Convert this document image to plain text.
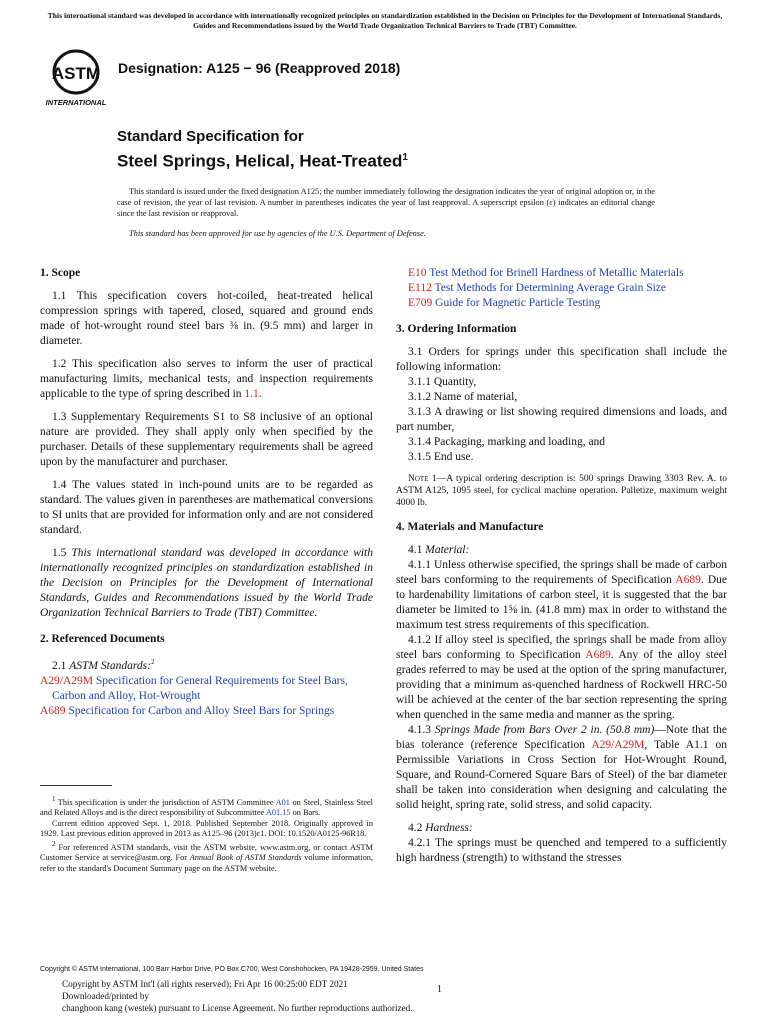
This international standard was developed in accordance with internationally recognized principles on standardization established in the Decision on Principles for the Development of International Standards, Guides and Recommendations issued by the World Trade Organization Technical Barriers to Trade (TBT) Committee.
ASTM
INTERNATIONAL
Designation: A125 − 96 (Reapproved 2018)
Standard Specification for
Steel Springs, Helical, Heat-Treated$^1$

This standard is issued under the fixed designation A125; the number immediately following the designation indicates the year of original adoption or, in the case of revision, the year of last revision. A number in parentheses indicates the year of last reapproval. A superscript epsilon (ε) indicates an editorial change since the last revision or reapproval.

This standard has been approved for use by agencies of the U.S. Department of Defense.

1. Scope

1.1 This specification covers hot-coiled, heat-treated helical compression springs with tapered, closed, squared and ground ends made of hot-wrought round steel bars ⅜ in. (9.5 mm) and larger in diameter.

1.2 This specification also serves to inform the user of practical manufacturing limits, mechanical tests, and inspection requirements applicable to the type of spring described in 1.1.

1.3 Supplementary Requirements S1 to S8 inclusive of an optional nature are provided. They shall apply only when specified by the purchaser. Details of these supplementary requirements shall be agreed upon by the manufacturer and purchaser.

1.4 The values stated in inch-pound units are to be regarded as standard. The values given in parentheses are mathematical conversions to SI units that are provided for information only and are not considered standard.

1.5 This international standard was developed in accordance with internationally recognized principles on standardization established in the Decision on Principles for the Development of International Standards, Guides and Recommendations issued by the World Trade Organization Technical Barriers to Trade (TBT) Committee.

2. Referenced Documents

2.1 ASTM Standards:$^2$

A29/A29M Specification for General Requirements for Steel Bars, Carbon and Alloy, Hot-Wrought

A689 Specification for Carbon and Alloy Steel Bars for Springs

$^1$ This specification is under the jurisdiction of ASTM Committee A01 on Steel, Stainless Steel and Related Alloys and is the direct responsibility of Subcommittee A01.15 on Bars.

Current edition approved Sept. 1, 2018. Published September 2018. Originally approved in 1929. Last previous edition approved in 2013 as A125–96 (2013)ε1. DOI: 10.1520/A0125-96R18.

$^2$ For referenced ASTM standards, visit the ASTM website, www.astm.org, or contact ASTM Customer Service at service@astm.org. For Annual Book of ASTM Standards volume information, refer to the standard's Document Summary page on the ASTM website.

E10 Test Method for Brinell Hardness of Metallic Materials

E112 Test Methods for Determining Average Grain Size

E709 Guide for Magnetic Particle Testing

3. Ordering Information

3.1 Orders for springs under this specification shall include the following information:

3.1.1 Quantity,

3.1.2 Name of material,

3.1.3 A drawing or list showing required dimensions and loads, and part number,

3.1.4 Packaging, marking and loading, and

3.1.5 End use.

Note 1—A typical ordering description is: 500 springs Drawing 3303 Rev. A. to ASTM A125, 1095 steel, for cyclical machine operation. Palletize, maximum weight 4000 lb.

4. Materials and Manufacture

4.1 Material:

4.1.1 Unless otherwise specified, the springs shall be made of carbon steel bars conforming to the requirements of Specification A689. Due to hardenability limitations of carbon steel, it is suggested that the bar diameter be limited to 1⅝ in. (41.8 mm) max in order to withstand the maximum test stress requirements of this specification.

4.1.2 If alloy steel is specified, the springs shall be made from alloy steel bars conforming to Specification A689. Any of the alloy steel grades referred to may be used at the option of the spring manufacturer, providing that a minimum as-quenched hardness of Rockwell HRC-50 will be achieved at the center of the bar section representing the spring when quenched in the same media and manner as the spring.

4.1.3 Springs Made from Bars Over 2 in. (50.8 mm)—Note that the bias tolerance (reference Specification A29/A29M, Table A1.1 on Permissible Variations in Cross Section for Hot-Wrought Round, Square, and Round-Cornered Square Bars of Steel) of the bar diameter shall be taken into consideration when designing and calculating the solid height, spring rate, solid stress, and solid capacity.

4.2 Hardness:

4.2.1 The springs must be quenched and tempered to a sufficiently high hardness (strength) to withstand the stresses

Copyright © ASTM International, 100 Barr Harbor Drive, PO Box C700, West Conshohocken, PA 19428-2959. United States
Copyright by ASTM Int'l (all rights reserved); Fri Apr 16 00:25:00 EDT 2021
Downloaded/printed by
changhoon kang (westek) pursuant to License Agreement. No further reproductions authorized.
1
